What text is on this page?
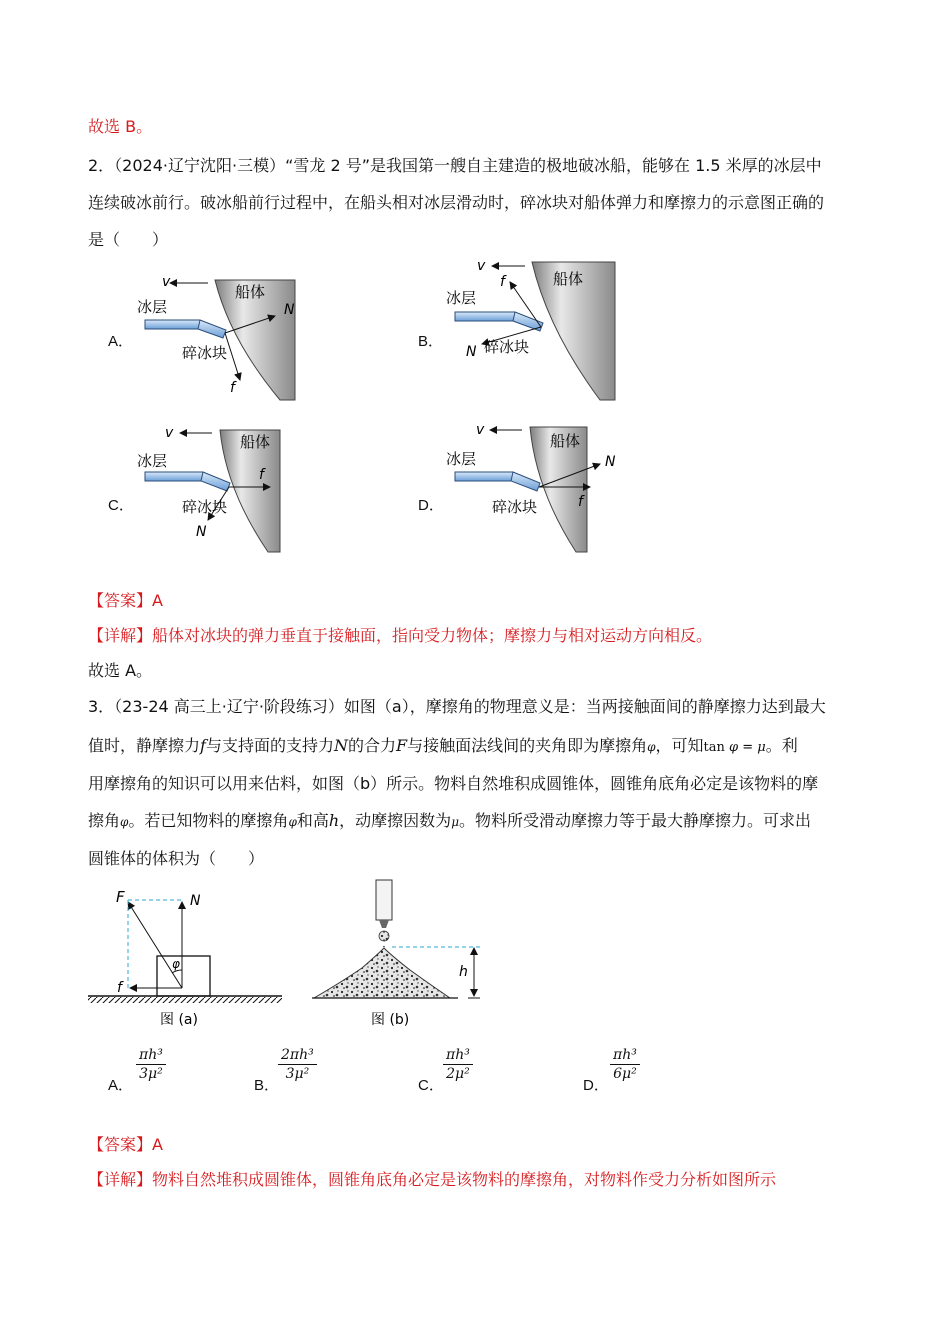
故选 B。
2．（2024·辽宁沈阳·三模）“雪龙 2 号”是我国第一艘自主建造的极地破冰船，能够在 1.5 米厚的冰层中
连续破冰前行。破冰船前行过程中，在船头相对冰层滑动时，碎冰块对船体弹力和摩擦力的示意图正确的
是（　　）
v
船体
冰层
碎冰块
N
f
v
船体
冰层
碎冰块
N
f
v	船体
冰层
碎冰块
N
f
v
船体
冰层
碎冰块
N
f
A．	B．
C．	D．
【答案】A
【详解】船体对冰块的弹力垂直于接触面，指向受力物体；摩擦力与相对运动方向相反。
故选 A。
3．（23-24 高三上·辽宁·阶段练习）如图（a），摩擦角的物理意义是：当两接触面间的静摩擦力达到最大
值时，静摩擦力f与支持面的支持力N的合力F与接触面法线间的夹角即为摩擦角φ，可知tan φ = μ。利
用摩擦角的知识可以用来估料，如图（b）所示。物料自然堆积成圆锥体，圆锥角底角必定是该物料的摩
擦角φ。若已知物料的摩擦角φ和高h，动摩擦因数为μ。物料所受滑动摩擦力等于最大静摩擦力。可求出
圆锥体的体积为（　　）
F	N
f
φ
图 (a)
h
图 (b)
A．
$\frac{\text{πh³}}{\text{3μ²}}$
B．
$\frac{\text{2πh³}}{\text{3μ²}}$
C．
$\frac{\text{πh³}}{\text{2μ²}}$
D．
$\frac{\text{πh³}}{\text{6μ²}}$
【答案】A
【详解】物料自然堆积成圆锥体，圆锥角底角必定是该物料的摩擦角，对物料作受力分析如图所示
